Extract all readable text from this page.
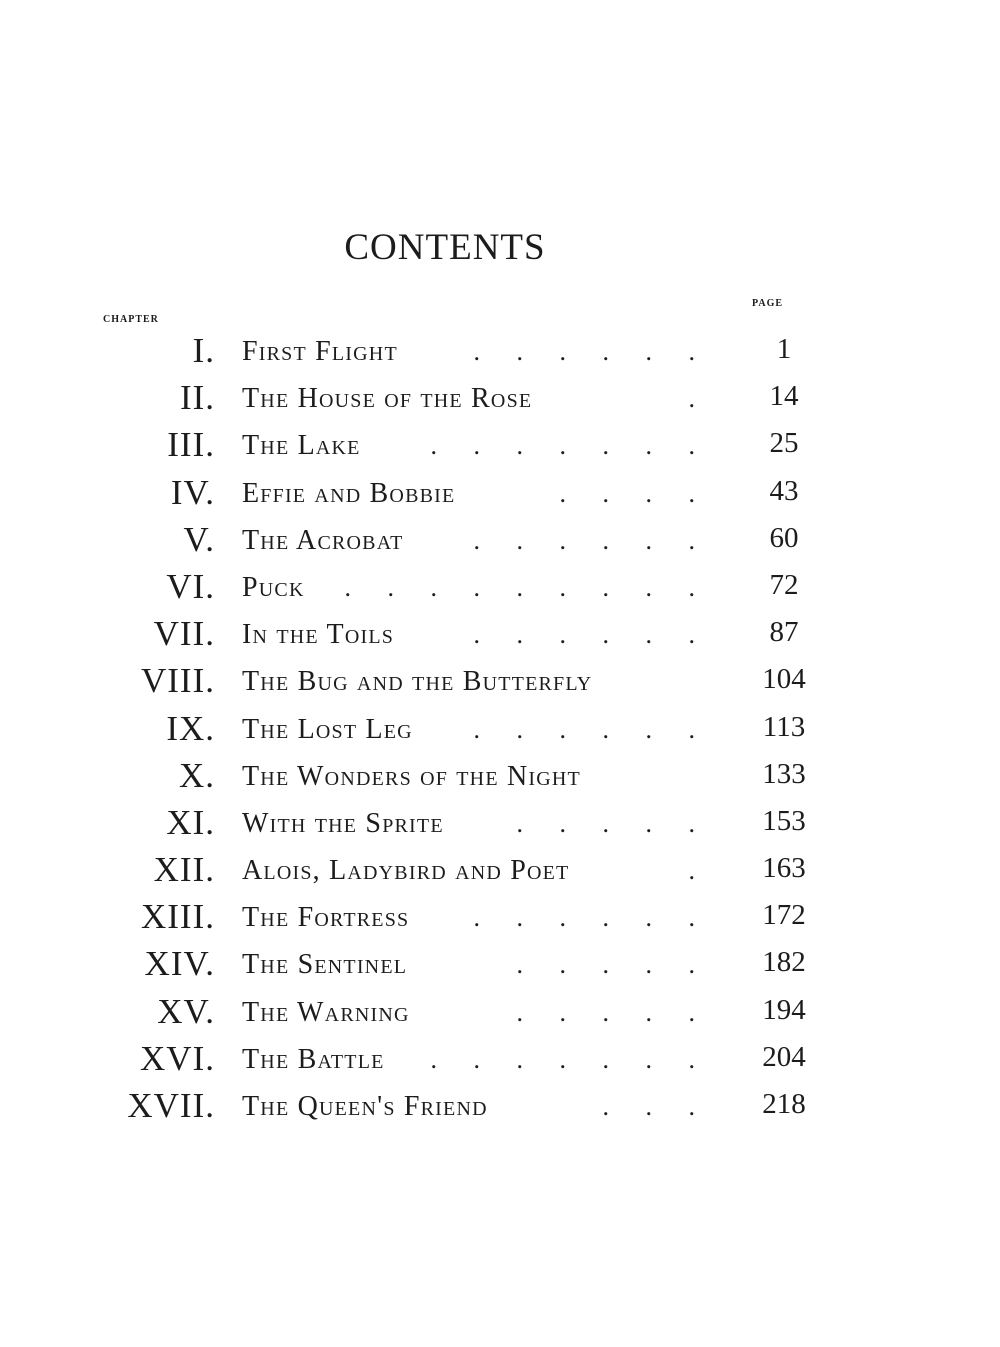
CONTENTS
CHAPTER
PAGE
I. First Flight	. . . . . .	1
II. The House of the Rose	.	14
III. The Lake	. . . . . . .	25
IV. Effie and Bobbie	. . . .	43
V. The Acrobat	. . . . . .	60
VI. Puck . . . . . . . . .	72
VII. In the Toils	. . . . . .	87
VIII. The Bug and the Butterfly	104
IX. The Lost Leg . . . . . .	113
X. The Wonders of the Night	133
XI. With the Sprite	. . . . . 153
XII. Alois, Ladybird and Poet	. 163
XIII. The Fortress . . . . . . 172
XIV. The Sentinel	. . . . . 182
XV. The Warning	. . . . . 194
XVI. The Battle . . . . . . . 204
XVII. The Queen's Friend	. . . 218
